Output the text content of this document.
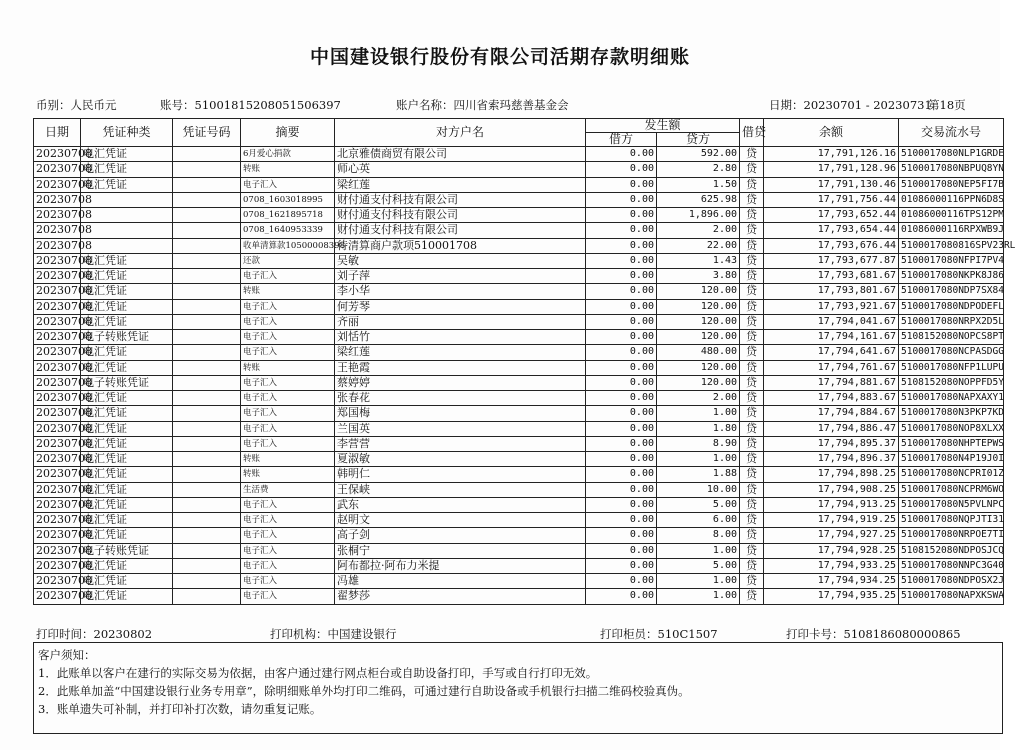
中国建设银行股份有限公司活期存款明细账
币别：人民币元	账号：51001815208051506397	账户名称：四川省索玛慈善基金会	日期：20230701 - 20230731
第18页
日期	凭证种类	凭证号码	摘要	对方户名	发生额		借贷	余额	交易流水号
					借方	贷方			
20230708	电汇凭证		6月爱心捐款	北京雅债商贸有限公司	0.00	592.00	贷	17,791,126.16	5100017080NLP1GRDE
20230708	电汇凭证		转账	师心英	0.00	2.80	贷	17,791,128.96	5100017080NBPUQ8YN
20230708	电汇凭证		电子汇入	梁红莲	0.00	1.50	贷	17,791,130.46	5100017080NEP5FI7B
20230708			0708_1603018995	财付通支付科技有限公司	0.00	625.98	贷	17,791,756.44	01086000116PPN6D8S
20230708			0708_1621895718	财付通支付科技有限公司	0.00	1,896.00	贷	17,793,652.44	01086000116TPS12PM
20230708			0708_1640953339	财付通支付科技有限公司	0.00	2.00	贷	17,793,654.44	01086000116RPXWB9J
20230708			收单清算款10500008398	待清算商户款项510001708	0.00	22.00	贷	17,793,676.44	5100017080816SPV23RL
20230708	电汇凭证		还款	吴敏	0.00	1.43	贷	17,793,677.87	5100017080NFPI7PV4
20230708	电汇凭证		电子汇入	刘子萍	0.00	3.80	贷	17,793,681.67	5100017080NKPK8J86
20230708	电汇凭证		转账	李小华	0.00	120.00	贷	17,793,801.67	5100017080NDP7SX84
20230708	电汇凭证		电子汇入	何芳琴	0.00	120.00	贷	17,793,921.67	5100017080NDPODEFL
20230708	电汇凭证		电子汇入	齐丽	0.00	120.00	贷	17,794,041.67	5100017080NRPX2D5L
20230708	电子转账凭证		电子汇入	刘恬竹	0.00	120.00	贷	17,794,161.67	5108152080NOPCS8PT
20230708	电汇凭证		电子汇入	梁红莲	0.00	480.00	贷	17,794,641.67	5100017080NCPASDGG
20230708	电汇凭证		转账	王艳霞	0.00	120.00	贷	17,794,761.67	5100017080NFP1LUPU
20230708	电子转账凭证		电子汇入	蔡婷婷	0.00	120.00	贷	17,794,881.67	5108152080NOPPFD5Y
20230708	电汇凭证		电子汇入	张春花	0.00	2.00	贷	17,794,883.67	5100017080NAPXAXY1
20230708	电汇凭证		电子汇入	郑国梅	0.00	1.00	贷	17,794,884.67	5100017080N3PKP7KD
20230708	电汇凭证		电子汇入	兰国英	0.00	1.80	贷	17,794,886.47	5100017080NOP8XLXX
20230708	电汇凭证		电子汇入	李营营	0.00	8.90	贷	17,794,895.37	5100017080NHPTEPWS
20230708	电汇凭证		转账	夏淑敏	0.00	1.00	贷	17,794,896.37	5100017080N4P19J0I
20230708	电汇凭证		转账	韩明仁	0.00	1.88	贷	17,794,898.25	5100017080NCPRI01Z
20230708	电汇凭证		生活费	王保峡	0.00	10.00	贷	17,794,908.25	5100017080NCPRM6WO
20230708	电汇凭证		电子汇入	武东	0.00	5.00	贷	17,794,913.25	5100017080N5PVLNPC
20230708	电汇凭证		电子汇入	赵明文	0.00	6.00	贷	17,794,919.25	5100017080NQPJTI31
20230708	电汇凭证		电子汇入	高子剑	0.00	8.00	贷	17,794,927.25	5100017080NRPOE7TI
20230708	电子转账凭证		电子汇入	张桐宁	0.00	1.00	贷	17,794,928.25	5108152080NDPOSJCQ
20230708	电汇凭证		电子汇入	阿布都拉·阿布力米提	0.00	5.00	贷	17,794,933.25	5100017080NNPC3G40
20230708	电汇凭证		电子汇入	冯雄	0.00	1.00	贷	17,794,934.25	5100017080NDPOSX2J
20230708	电汇凭证		电子汇入	翟梦莎	0.00	1.00	贷	17,794,935.25	5100017080NAPXKSWA
打印时间：20230802	打印机构：中国建设银行	打印柜员：510C1507	打印卡号：5108186080000865
客户须知：
1．此账单以客户在建行的实际交易为依据，由客户通过建行网点柜台或自助设备打印，手写或自行打印无效。
2．此账单加盖“中国建设银行业务专用章”，除明细账单外均打印二维码，可通过建行自助设备或手机银行扫描二维码校验真伪。
3．账单遗失可补制，并打印补打次数，请勿重复记账。
